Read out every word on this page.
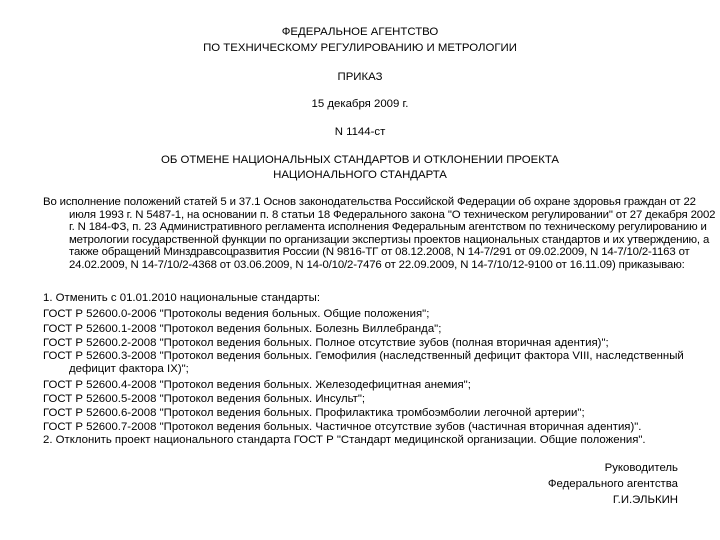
ФЕДЕРАЛЬНОЕ АГЕНТСТВО
ПО ТЕХНИЧЕСКОМУ РЕГУЛИРОВАНИЮ И МЕТРОЛОГИИ
ПРИКАЗ
15 декабря 2009 г.
N 1144-ст
ОБ ОТМЕНЕ НАЦИОНАЛЬНЫХ СТАНДАРТОВ И ОТКЛОНЕНИИ ПРОЕКТА
НАЦИОНАЛЬНОГО СТАНДАРТА
Во исполнение положений статей 5 и 37.1 Основ законодательства Российской Федерации об охране здоровья граждан от 22 июля 1993 г. N 5487-1, на основании п. 8 статьи 18 Федерального закона "О техническом регулировании" от 27 декабря 2002 г. N 184-ФЗ, п. 23 Административного регламента исполнения Федеральным агентством по техническому регулированию и метрологии государственной функции по организации экспертизы проектов национальных стандартов и их утверждению, а также обращений Минздравсоцразвития России (N 9816-ТГ от 08.12.2008, N 14-7/291 от 09.02.2009, N 14-7/10/2-1163 от 24.02.2009, N 14-7/10/2-4368 от 03.06.2009, N 14-0/10/2-7476 от 22.09.2009, N 14-7/10/12-9100 от 16.11.09) приказываю:
1. Отменить с 01.01.2010 национальные стандарты:
ГОСТ Р 52600.0-2006 "Протоколы ведения больных. Общие положения";
ГОСТ Р 52600.1-2008 "Протокол ведения больных. Болезнь Виллебранда";
ГОСТ Р 52600.2-2008 "Протокол ведения больных. Полное отсутствие зубов (полная вторичная адентия)";
ГОСТ Р 52600.3-2008 "Протокол ведения больных. Гемофилия (наследственный дефицит фактора VIII, наследственный дефицит фактора IX)";
ГОСТ Р 52600.4-2008 "Протокол ведения больных. Железодефицитная анемия";
ГОСТ Р 52600.5-2008 "Протокол ведения больных. Инсульт";
ГОСТ Р 52600.6-2008 "Протокол ведения больных. Профилактика тромбоэмболии легочной артерии";
ГОСТ Р 52600.7-2008 "Протокол ведения больных. Частичное отсутствие зубов (частичная вторичная адентия)".
2. Отклонить проект национального стандарта ГОСТ Р "Стандарт медицинской организации. Общие положения".
Руководитель
Федерального агентства
Г.И.ЭЛЬКИН
